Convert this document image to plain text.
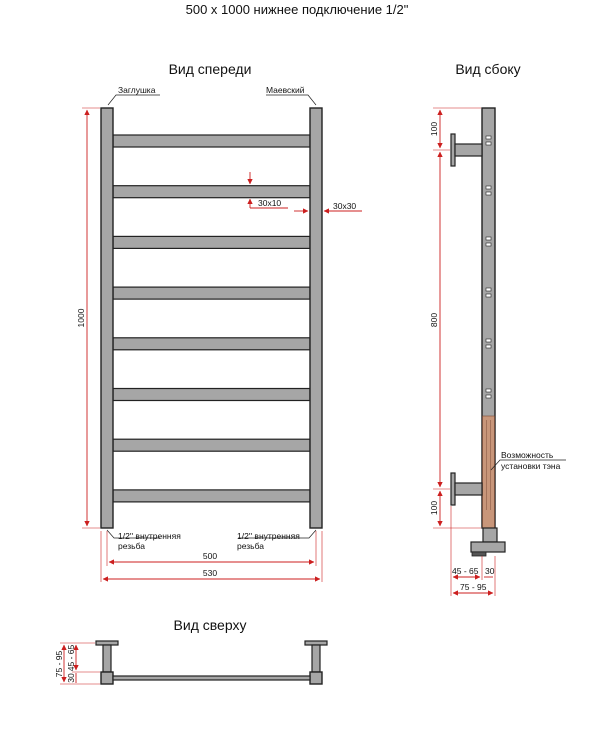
500 х 1000 нижнее подключение 1/2"
Вид спереди
Заглушка	Маевский
1000
30х10	30х30
1/2'' внутренняя
резьба
1/2'' внутренняя
резьба
500
530
Вид сбоку
100
800
100
Возможность
установки тэна
45 - 65 30
75 - 95
Вид сверху
75 - 95 45 - 65
30
